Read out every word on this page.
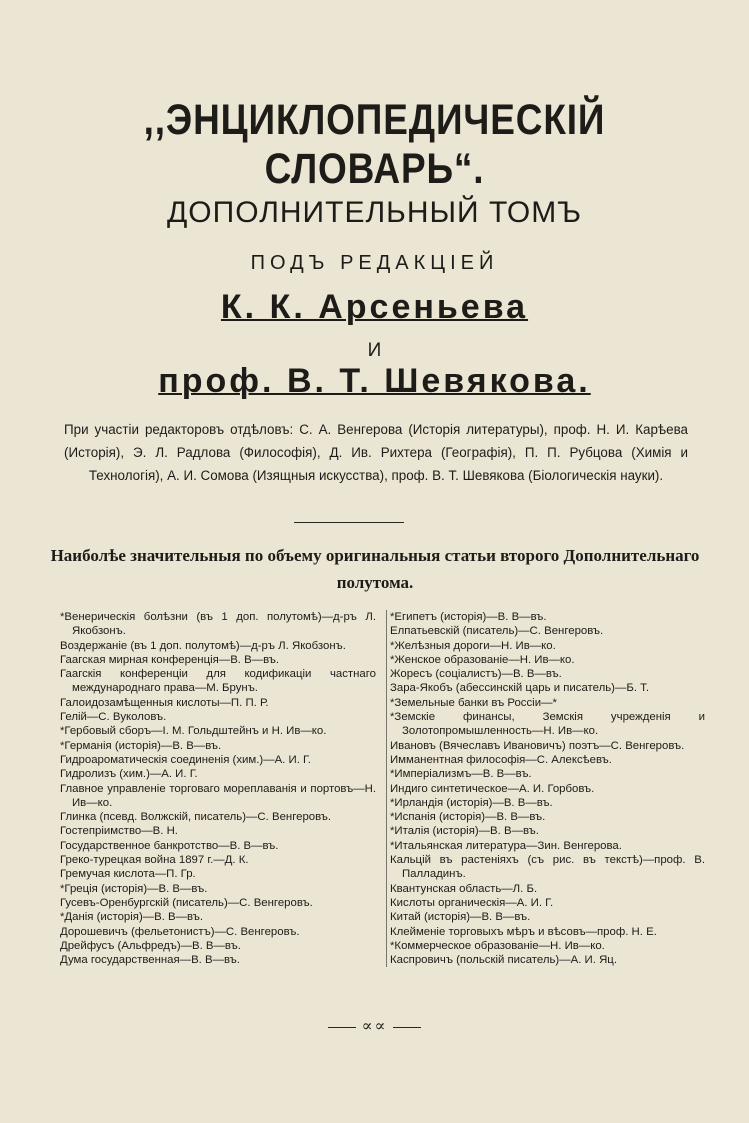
,,ЭНЦИКЛОПЕДИЧЕСКІЙ СЛОВАРЬ“.
ДОПОЛНИТЕЛЬНЫЙ ТОМЪ
ПОДЪ РЕДАКЦІЕЙ
К. К. Арсеньева
И
проф. В. Т. Шевякова.
При участіи редакторовъ отдѣловъ: С. А. Венгерова (Исторія литературы), проф. Н. И. Карѣева (Исторія), Э. Л. Радлова (Философія), Д. Ив. Рихтера (Географія), П. П. Рубцова (Химія и Технологія), А. И. Сомова (Изящныя искусства), проф. В. Т. Шевякова (Біологическія науки).
Наиболѣе значительныя по объему оригинальныя статьи второго Дополнительнаго полутома.
*Венерическія болѣзни (въ 1 доп. полутомѣ)—д-ръ Л. Якобзонъ.
Воздержаніе (въ 1 доп. полутомѣ)—д-ръ Л. Якобзонъ.
Гаагская мирная конференція—В. В—въ.
Гаагскія конференціи для кодификаціи частнаго международнаго права—М. Брунъ.
Галоидозамѣщенныя кислоты—П. П. Р.
Гелій—С. Вуколовъ.
*Гербовый сборъ—І. М. Гольдштейнъ и Н. Ив—ко.
*Германія (исторія)—В. В—въ.
Гидроароматическія соединенія (хим.)—А. И. Г.
Гидролизъ (хим.)—А. И. Г.
Главное управленіе торговаго мореплаванія и портовъ—Н. Ив—ко.
Глинка (псевд. Волжскій, писатель)—С. Венгеровъ.
Гостепріимство—В. Н.
Государственное банкротство—В. В—въ.
Греко-турецкая война 1897 г.—Д. К.
Гремучая кислота—П. Гр.
*Греція (исторія)—В. В—въ.
Гусевъ-Оренбургскій (писатель)—С. Венгеровъ.
*Данія (исторія)—В. В—въ.
Дорошевичъ (фельетонистъ)—С. Венгеровъ.
Дрейфусъ (Альфредъ)—В. В—въ.
Дума государственная—В. В—въ.
*Египетъ (исторія)—В. В—въ.
Елпатьевскій (писатель)—С. Венгеровъ.
*Желѣзныя дороги—Н. Ив—ко.
*Женское образованіе—Н. Ив—ко.
Жоресъ (соціалистъ)—В. В—въ.
Зара-Якобъ (абессинскій царь и писатель)—Б. Т.
*Земельные банки въ Россіи—*
*Земскіе финансы, Земскія учрежденія и Золотопромышленность—Н. Ив—ко.
Ивановъ (Вячеславъ Ивановичъ) поэтъ—С. Венгеровъ.
Имманентная философія—С. Алексѣевъ.
*Имперіализмъ—В. В—въ.
Индиго синтетическое—А. И. Горбовъ.
*Ирландія (исторія)—В. В—въ.
*Испанія (исторія)—В. В—въ.
*Италія (исторія)—В. В—въ.
*Итальянская литература—Зин. Венгерова.
Кальцій въ растеніяхъ (съ рис. въ текстѣ)—проф. В. Палладинъ.
Квантунская область—Л. Б.
Кислоты органическія—А. И. Г.
Китай (исторія)—В. В—въ.
Клейменіе торговыхъ мѣръ и вѣсовъ—проф. Н. Е.
*Коммерческое образованіе—Н. Ив—ко.
Каспровичъ (польскій писатель)—А. И. Яц.
∝∝
